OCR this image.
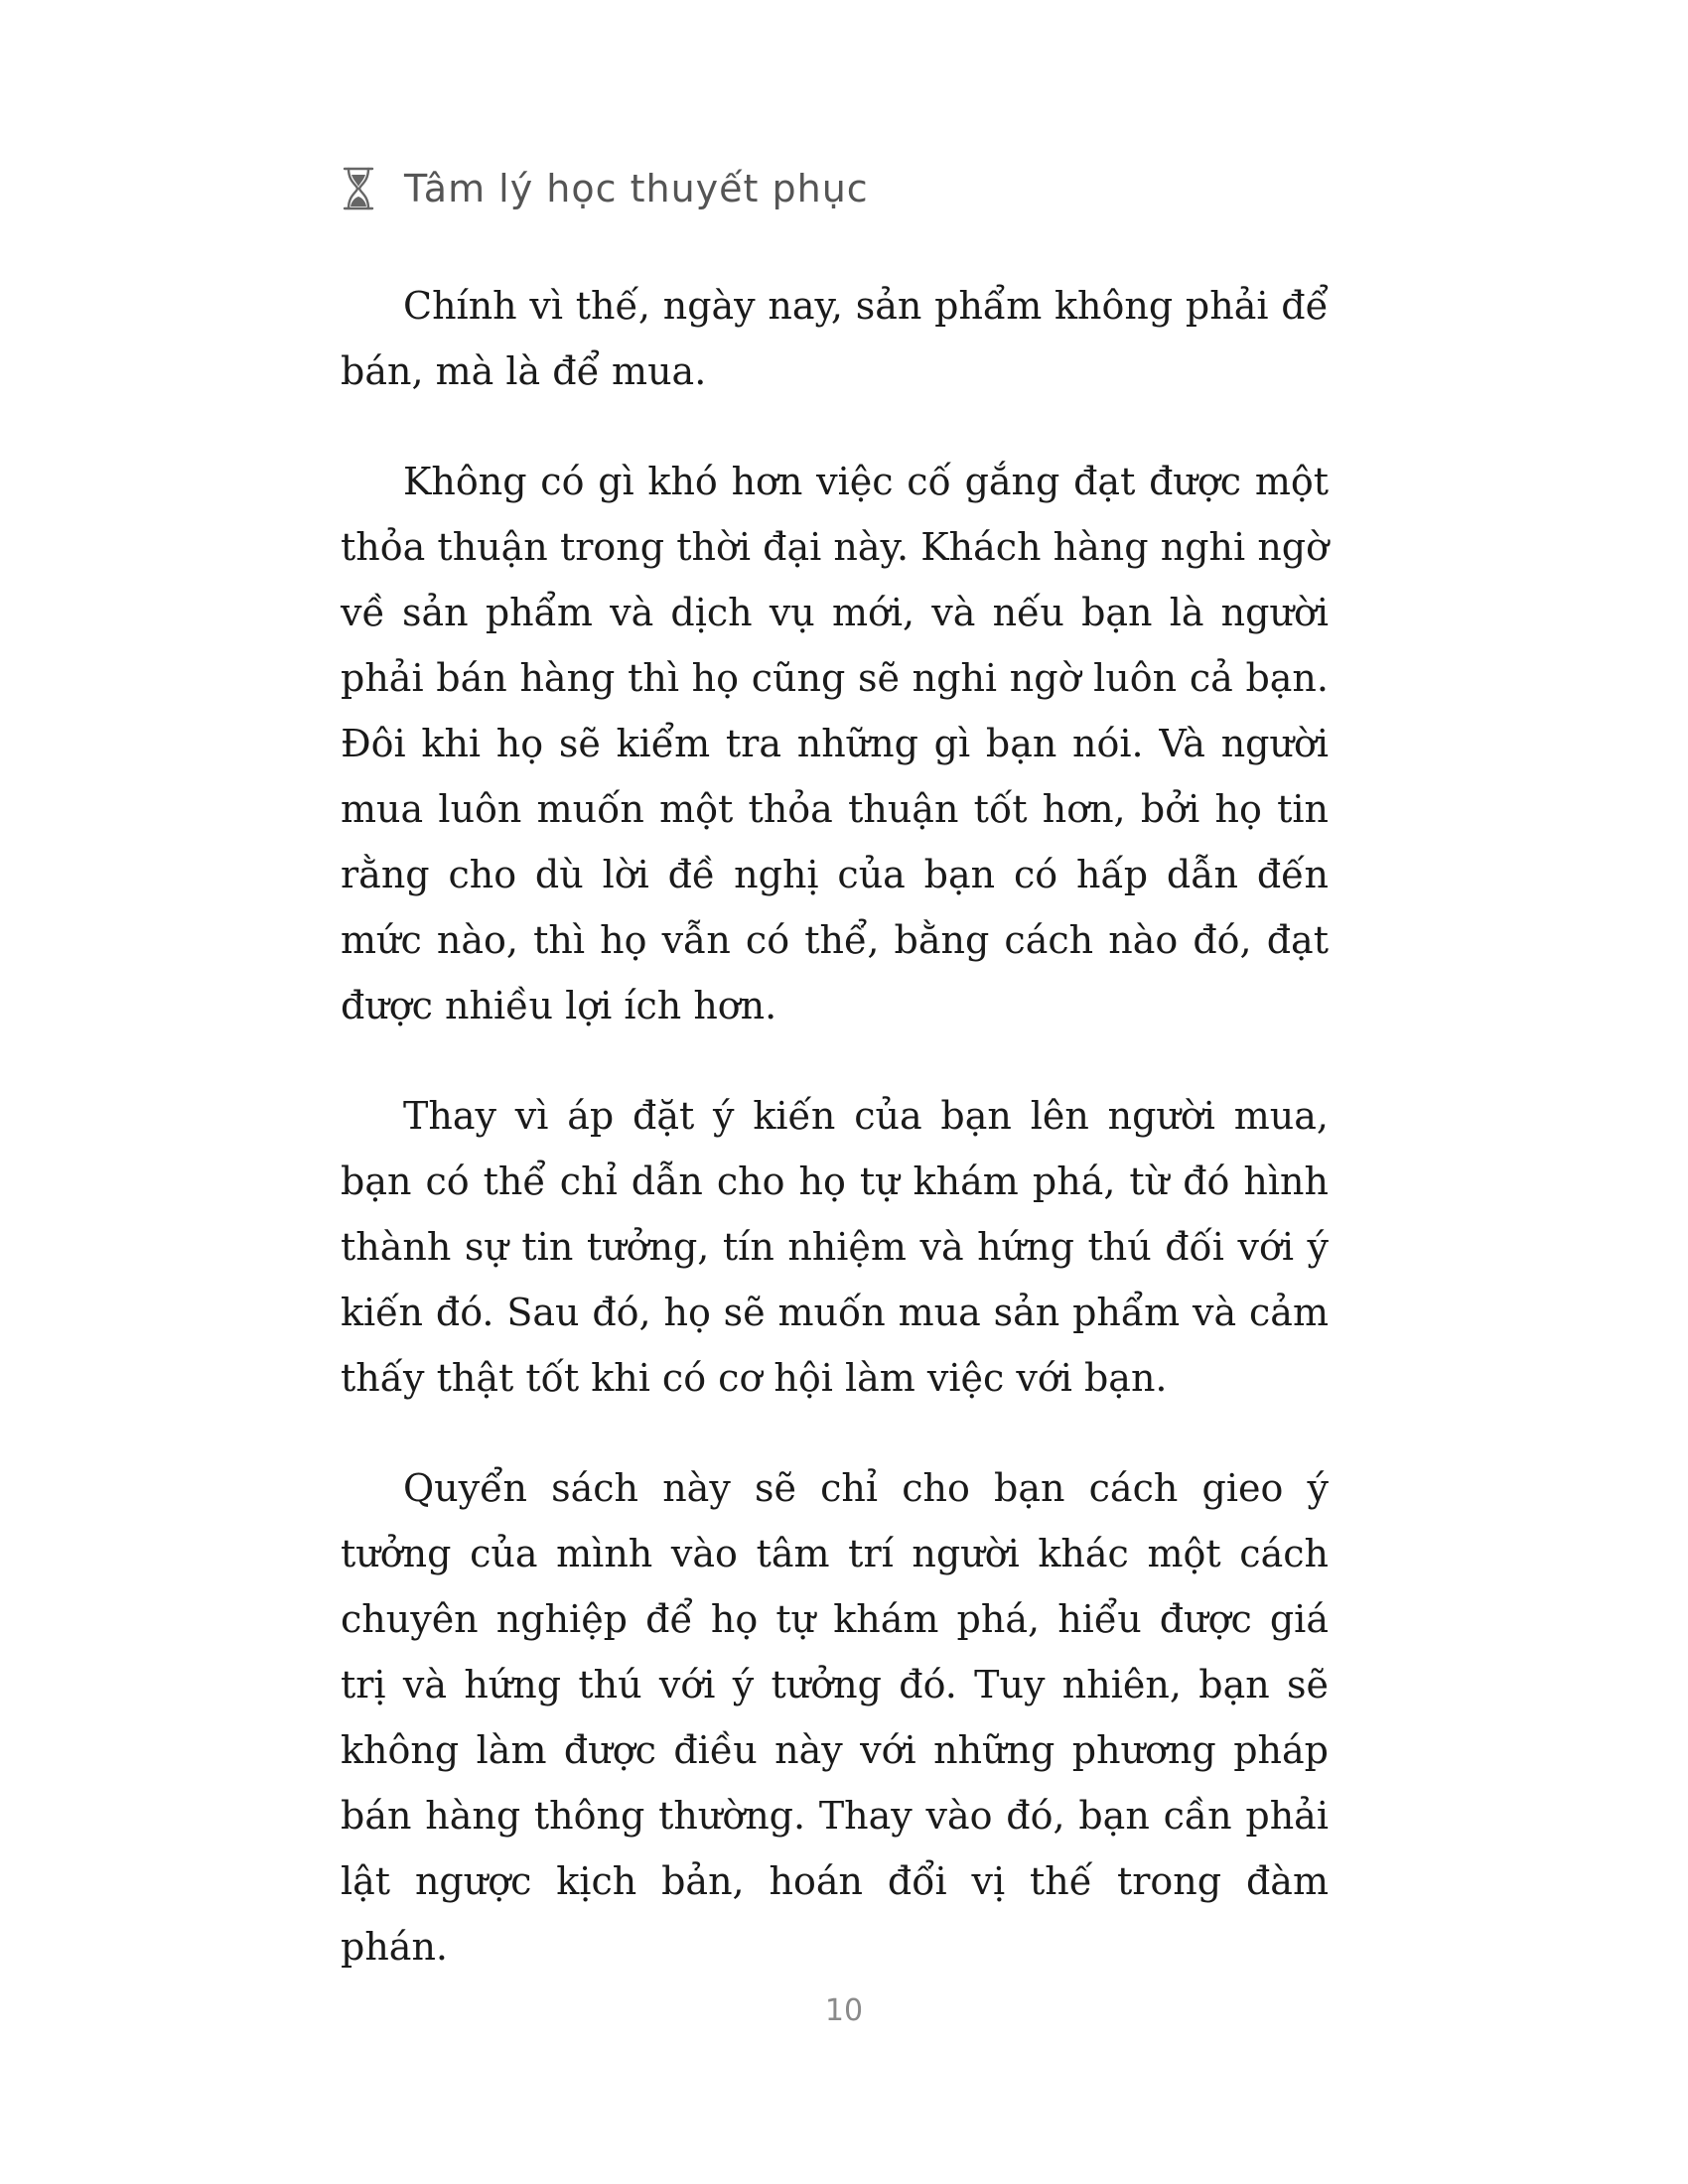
Tâm lý học thuyết phục

Chính vì thế, ngày nay, sản phẩm không phải để bán, mà là để mua.

Không có gì khó hơn việc cố gắng đạt được một thỏa thuận trong thời đại này. Khách hàng nghi ngờ về sản phẩm và dịch vụ mới, và nếu bạn là người phải bán hàng thì họ cũng sẽ nghi ngờ luôn cả bạn. Đôi khi họ sẽ kiểm tra những gì bạn nói. Và người mua luôn muốn một thỏa thuận tốt hơn, bởi họ tin rằng cho dù lời đề nghị của bạn có hấp dẫn đến mức nào, thì họ vẫn có thể, bằng cách nào đó, đạt được nhiều lợi ích hơn.

Thay vì áp đặt ý kiến của bạn lên người mua, bạn có thể chỉ dẫn cho họ tự khám phá, từ đó hình thành sự tin tưởng, tín nhiệm và hứng thú đối với ý kiến đó. Sau đó, họ sẽ muốn mua sản phẩm và cảm thấy thật tốt khi có cơ hội làm việc với bạn.

Quyển sách này sẽ chỉ cho bạn cách gieo ý tưởng của mình vào tâm trí người khác một cách chuyên nghiệp để họ tự khám phá, hiểu được giá trị và hứng thú với ý tưởng đó. Tuy nhiên, bạn sẽ không làm được điều này với những phương pháp bán hàng thông thường. Thay vào đó, bạn cần phải lật ngược kịch bản, hoán đổi vị thế trong đàm phán.

10
